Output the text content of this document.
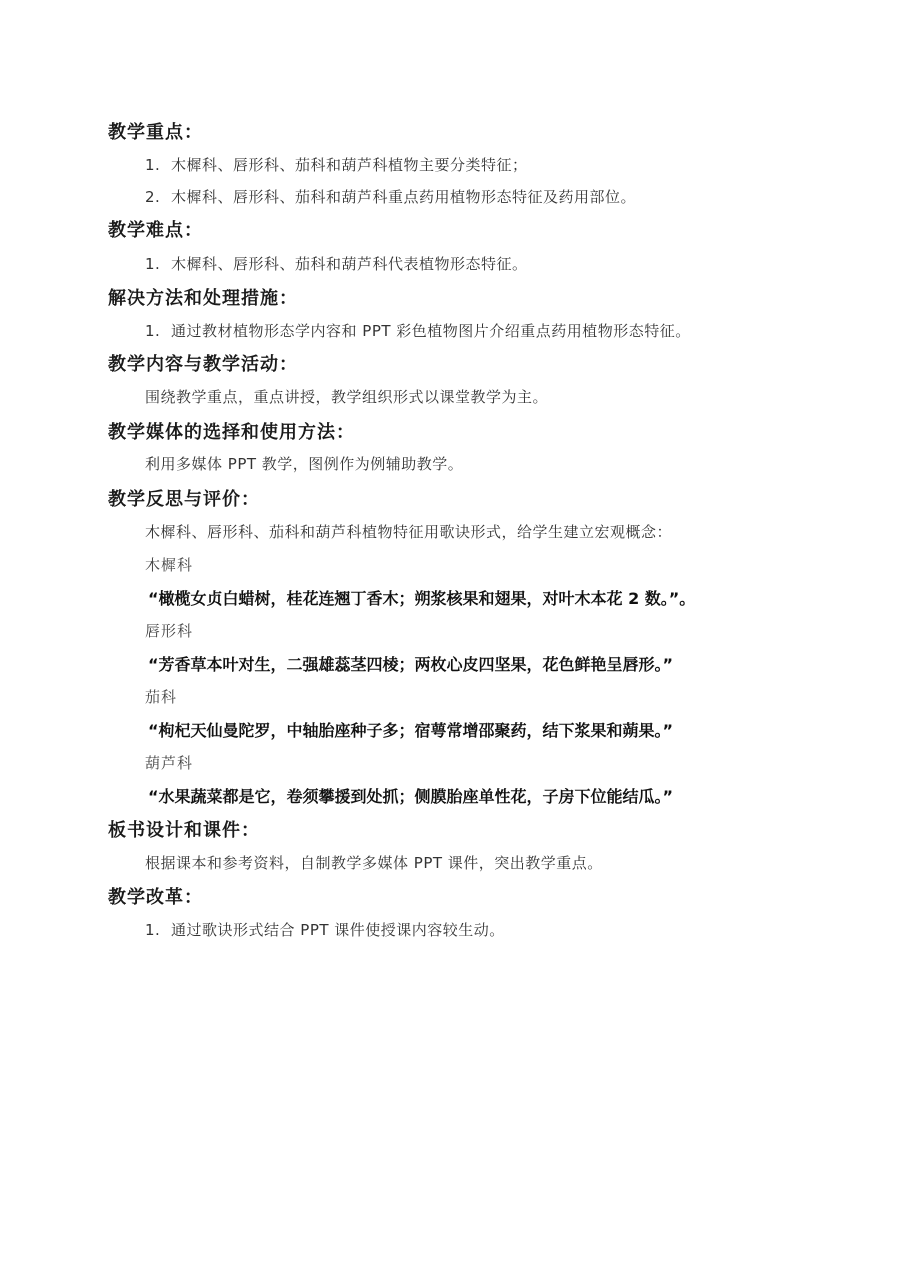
教学重点：
1. 木樨科、唇形科、茄科和葫芦科植物主要分类特征；
2. 木樨科、唇形科、茄科和葫芦科重点药用植物形态特征及药用部位。
教学难点：
1. 木樨科、唇形科、茄科和葫芦科代表植物形态特征。
解决方法和处理措施：
1. 通过教材植物形态学内容和 PPT 彩色植物图片介绍重点药用植物形态特征。
教学内容与教学活动：
围绕教学重点，重点讲授，教学组织形式以课堂教学为主。
教学媒体的选择和使用方法：
利用多媒体 PPT 教学，图例作为例辅助教学。
教学反思与评价：
木樨科、唇形科、茄科和葫芦科植物特征用歌诀形式，给学生建立宏观概念：
木樨科
“橄榄女贞白蜡树，桂花连翘丁香木；朔浆核果和翅果，对叶木本花 2 数。”。
唇形科
“芳香草本叶对生，二强雄蕊茎四棱；两枚心皮四坚果，花色鲜艳呈唇形。”
茄科
“枸杞天仙曼陀罗，中轴胎座种子多；宿萼常增邵聚药，结下浆果和蒴果。”
葫芦科
“水果蔬菜都是它，卷须攀援到处抓；侧膜胎座单性花，子房下位能结瓜。”
板书设计和课件：
根据课本和参考资料，自制教学多媒体 PPT 课件，突出教学重点。
教学改革：
1. 通过歌诀形式结合 PPT 课件使授课内容较生动。
